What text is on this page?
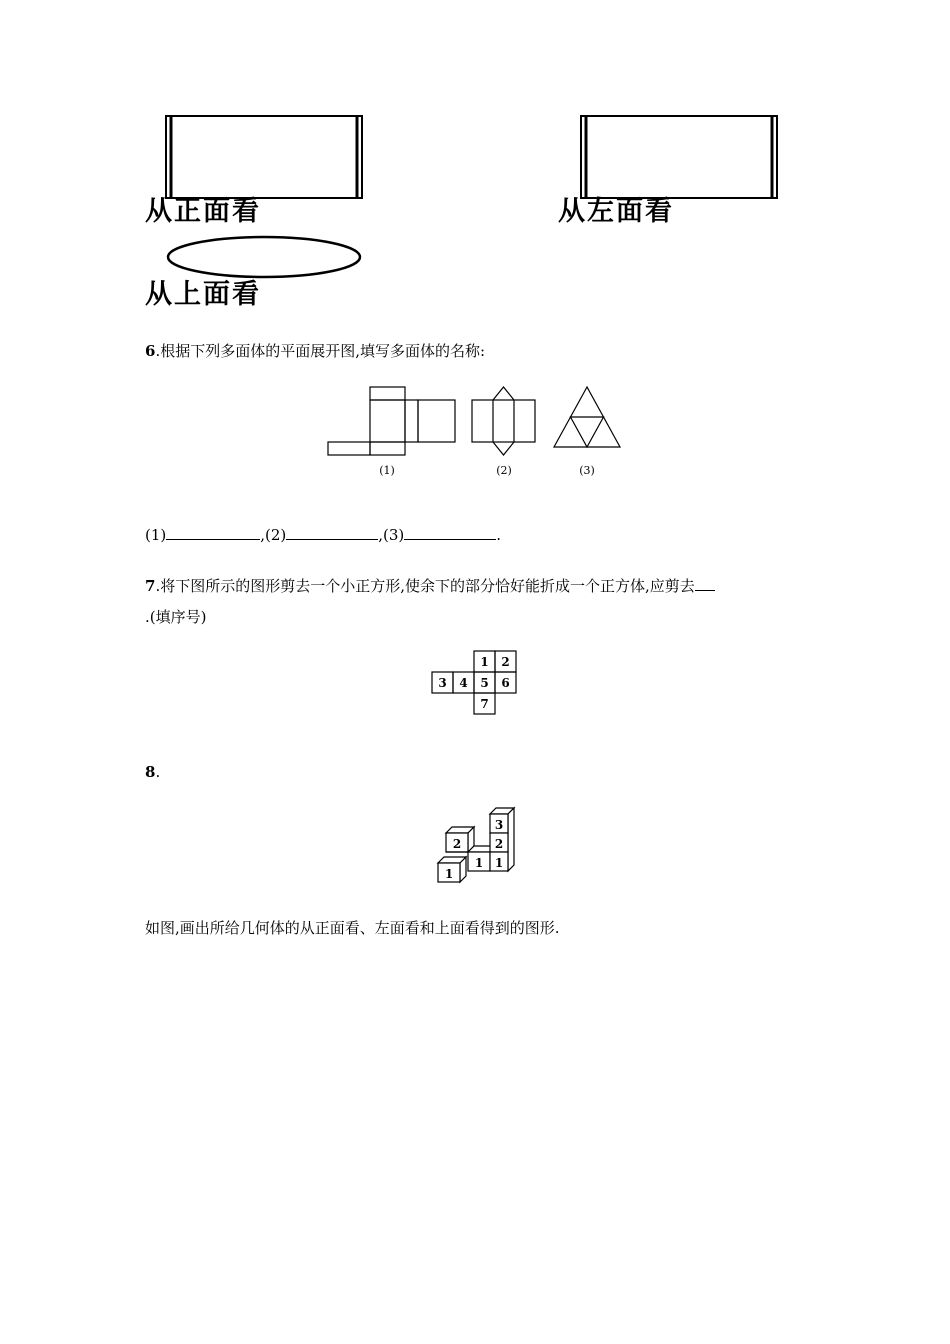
从正面看	从左面看
从上面看
6.根据下列多面体的平面展开图,填写多面体的名称:
(1)	(2)	(3)
(1)	,(2)	,(3)	.
7.将下图所示的图形剪去一个小正方形,使余下的部分恰好能折成一个正方体,应剪去
.(填序号)
1 2
3 4 5 6
7
8.
1
1 1
2	2
3
如图,画出所给几何体的从正面看、左面看和上面看得到的图形.
